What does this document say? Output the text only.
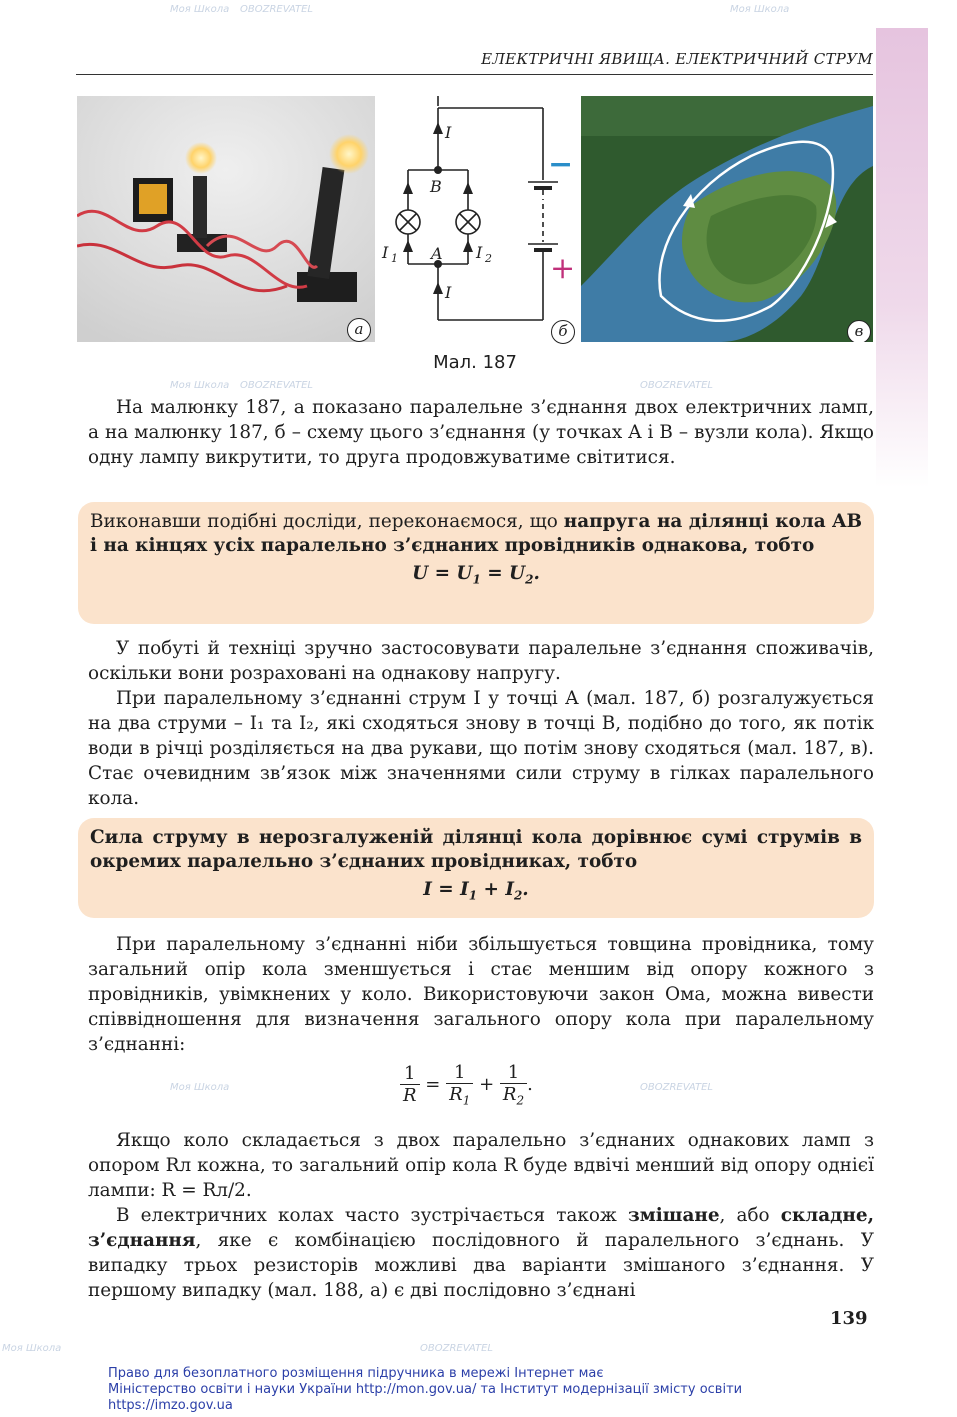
Моя Школа OBOZREVATEL	Моя Школа
Моя Школа OBOZREVATEL	OBOZREVATEL
Моя Школа	OBOZREVATEL
Моя Школа	OBOZREVATEL
ЕЛЕКТРИЧНІ ЯВИЩА. ЕЛЕКТРИЧНИЙ СТРУМ
а
I
B
A
I
I 1	I 2
−
+
б	в
Мал. 187

На малюнку 187, а показано паралельне з’єднання двох електричних ламп, а на малюнку 187, б – схему цього з’єднання (у точках A і B – вузли кола). Якщо одну лампу викрутити, то друга продовжуватиме світитися.

Виконавши подібні досліди, переконаємося, що напруга на ділянці кола AB і на кінцях усіх паралельно з’єднаних провідників однакова, тобто
$U = U_1 = U_2$.

У побуті й техніці зручно застосовувати паралельне з’єднання споживачів, оскільки вони розраховані на однакову напругу.

При паралельному з’єднанні струм I у точці A (мал. 187, б) розгалужується на два струми – I₁ та I₂, які сходяться знову в точці B, подібно до того, як потік води в річці розділяється на два рукави, що потім знову сходяться (мал. 187, в). Стає очевидним зв’язок між значеннями сили струму в гілках паралельного кола.

Сила струму в нерозгалуженій ділянці кола дорівнює сумі струмів в окремих паралельно з’єднаних провідниках, тобто
$I = I_1 + I_2$.

При паралельному з’єднанні ніби збільшується товщина провідника, тому загальний опір кола зменшується і стає меншим від опору кожного з провідників, увімкнених у коло. Використовуючи закон Ома, можна вивести співвідношення для визначення загального опору кола при паралельному з’єднанні:

$\frac{1}{R} = \frac{1}{R_1} + \frac{1}{R_2}$ .

Якщо коло складається з двох паралельно з’єднаних однакових ламп з опором Rл кожна, то загальний опір кола R буде вдвічі менший від опору однієї лампи: R = Rл/2.

В електричних колах часто зустрічається також змішане, або складне, з’єднання, яке є комбінацією послідовного й паралельного з’єднань. У випадку трьох резисторів можливі два варіанти змішаного з’єднання. У першому випадку (мал. 188, а) є дві послідовно з’єднані

139
Право для безоплатного розміщення підручника в мережі Інтернет має
Міністерство освіти і науки України http://mon.gov.ua/ та Інститут модернізації змісту освіти https://imzo.gov.ua
